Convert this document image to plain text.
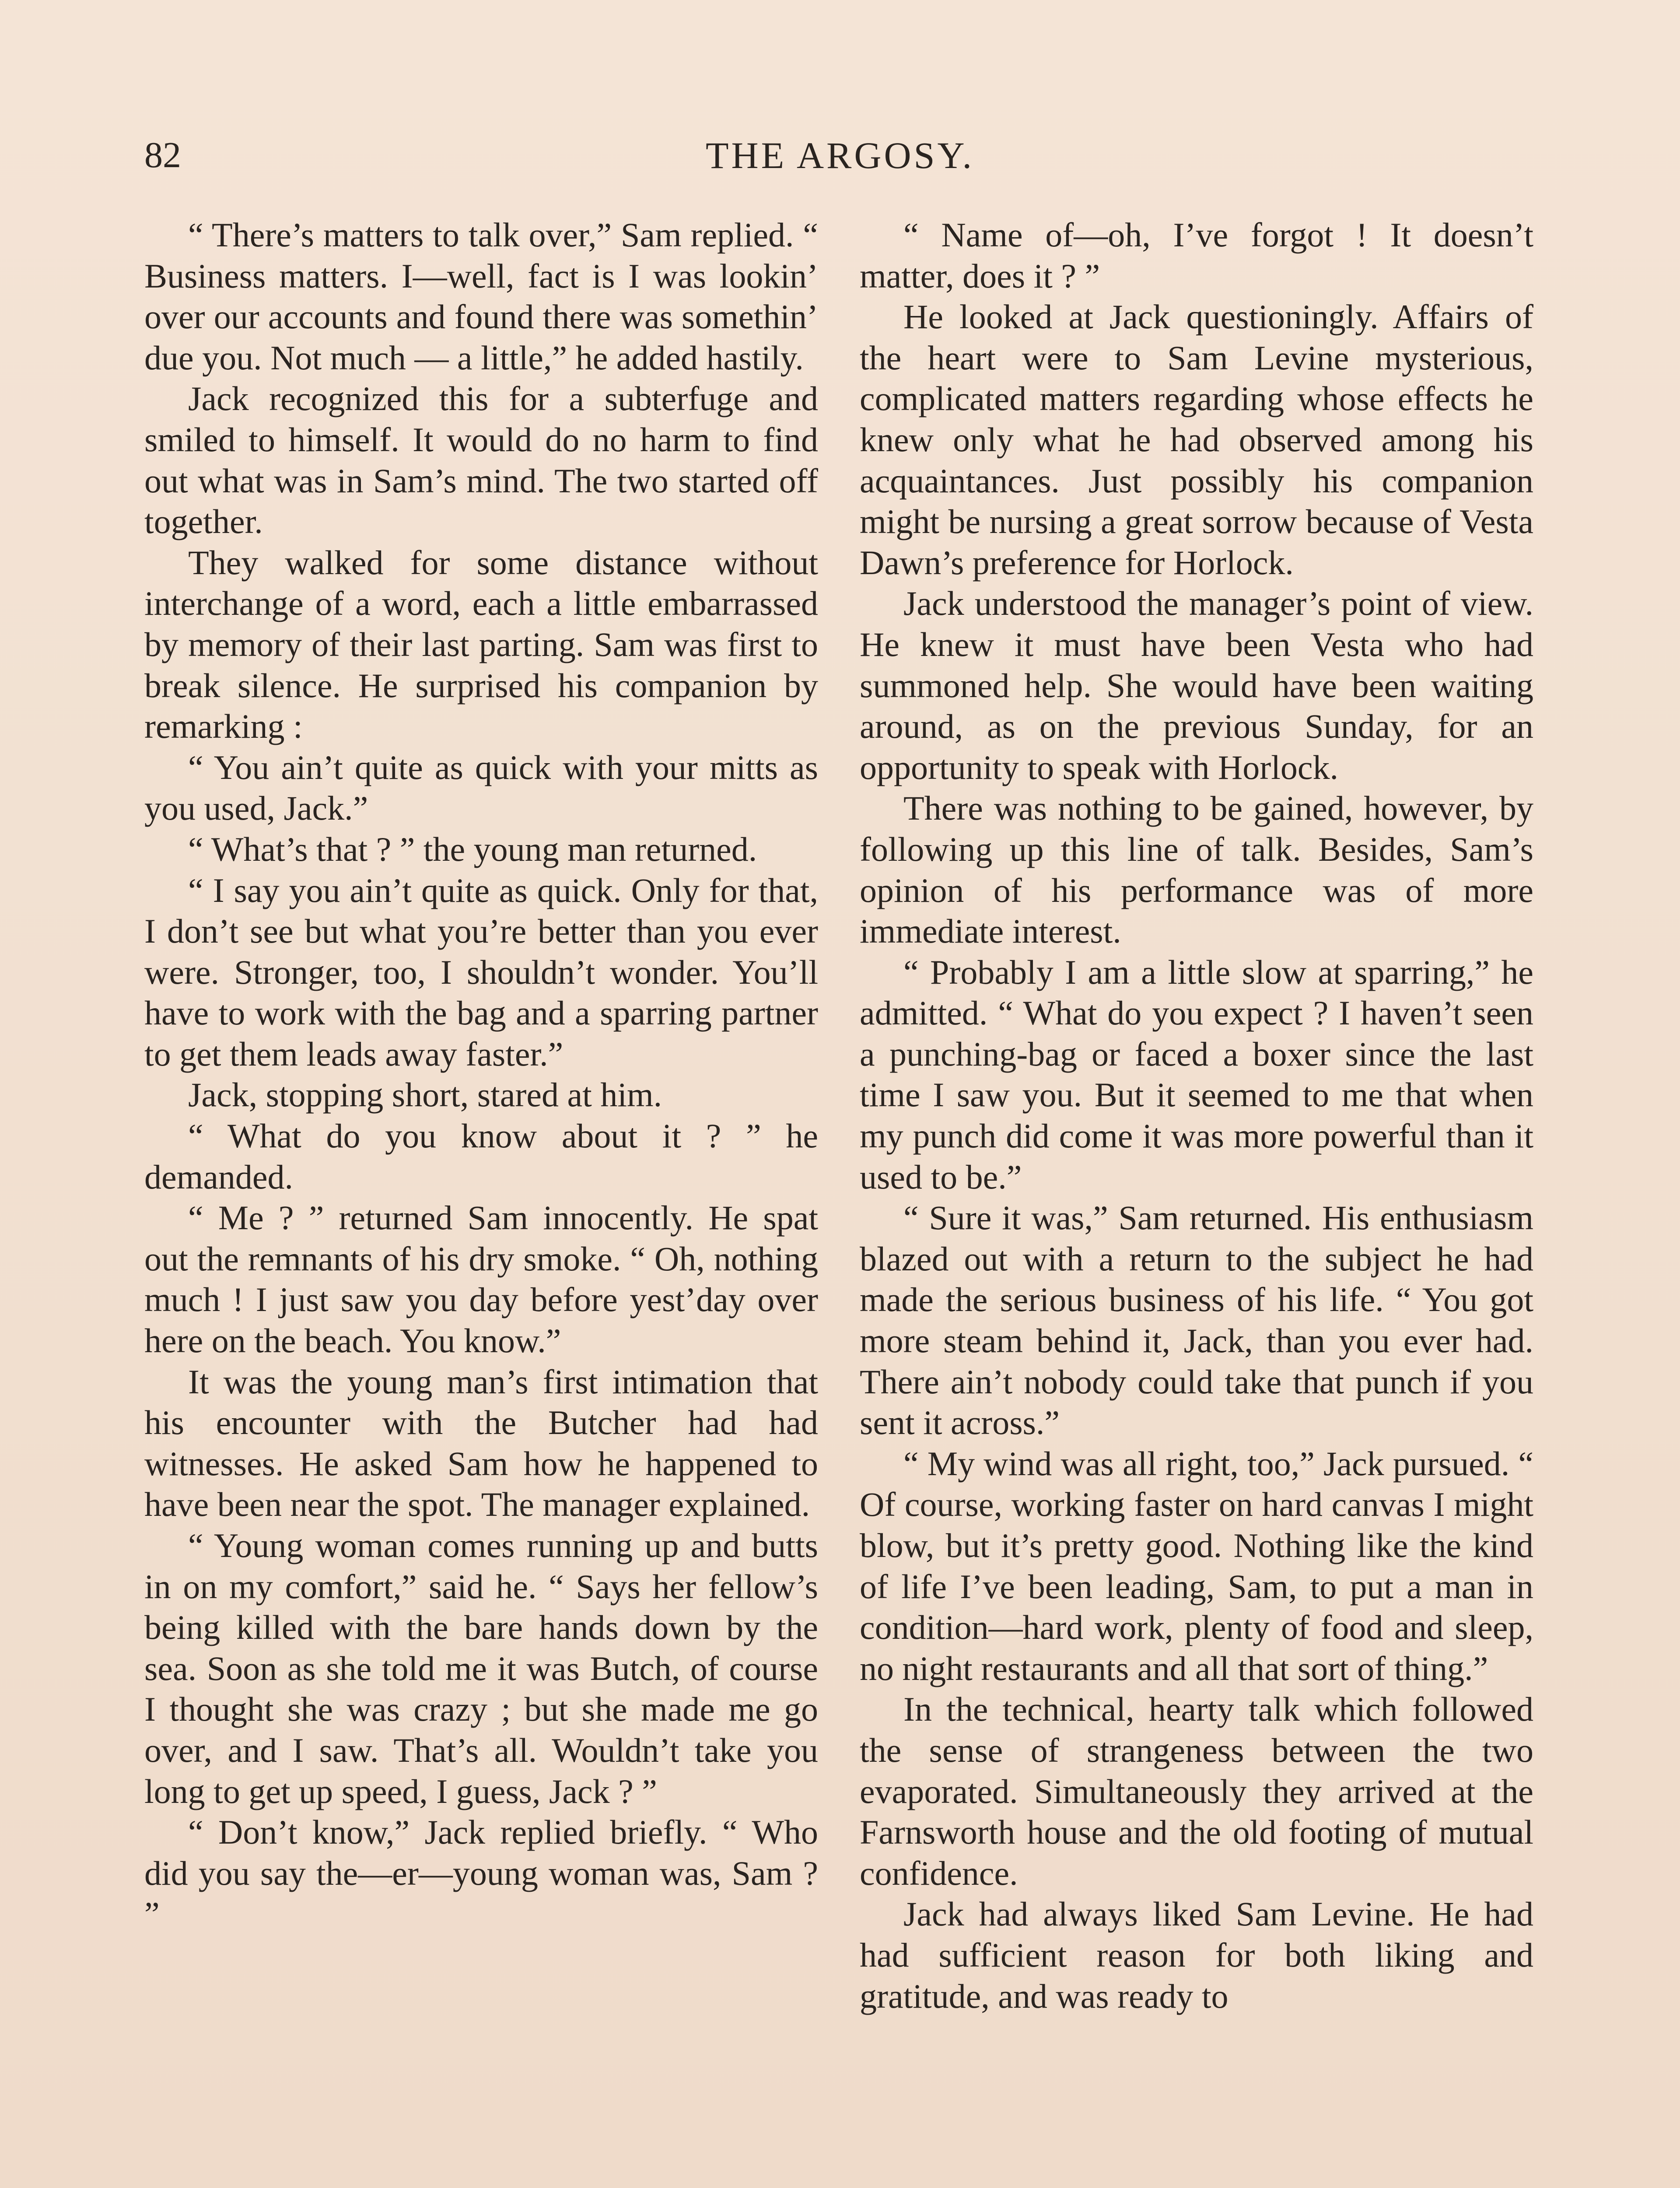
82	THE ARGOSY.

“ There’s matters to talk over,” Sam replied. “ Business matters. I—well, fact is I was lookin’ over our accounts and found there was somethin’ due you. Not much — a little,” he added hastily.

Jack recognized this for a subterfuge and smiled to himself. It would do no harm to find out what was in Sam’s mind. The two started off together.

They walked for some distance without interchange of a word, each a little embarrassed by memory of their last parting. Sam was first to break silence. He surprised his companion by remarking :

“ You ain’t quite as quick with your mitts as you used, Jack.”

“ What’s that ? ” the young man returned.

“ I say you ain’t quite as quick. Only for that, I don’t see but what you’re better than you ever were. Stronger, too, I shouldn’t wonder. You’ll have to work with the bag and a sparring partner to get them leads away faster.”

Jack, stopping short, stared at him.

“ What do you know about it ? ” he demanded.

“ Me ? ” returned Sam innocently. He spat out the remnants of his dry smoke. “ Oh, nothing much ! I just saw you day before yest’day over here on the beach. You know.”

It was the young man’s first intimation that his encounter with the Butcher had had witnesses. He asked Sam how he happened to have been near the spot. The manager explained.

“ Young woman comes running up and butts in on my comfort,” said he. “ Says her fellow’s being killed with the bare hands down by the sea. Soon as she told me it was Butch, of course I thought she was crazy ; but she made me go over, and I saw. That’s all. Wouldn’t take you long to get up speed, I guess, Jack ? ”

“ Don’t know,” Jack replied briefly. “ Who did you say the—er—young woman was, Sam ? ”

“ Name of—oh, I’ve forgot ! It doesn’t matter, does it ? ”

He looked at Jack questioningly. Affairs of the heart were to Sam Levine mysterious, complicated matters regarding whose effects he knew only what he had observed among his acquaintances. Just possibly his companion might be nursing a great sorrow because of Vesta Dawn’s preference for Horlock.

Jack understood the manager’s point of view. He knew it must have been Vesta who had summoned help. She would have been waiting around, as on the previous Sunday, for an opportunity to speak with Horlock.

There was nothing to be gained, however, by following up this line of talk. Besides, Sam’s opinion of his performance was of more immediate interest.

“ Probably I am a little slow at sparring,” he admitted. “ What do you expect ? I haven’t seen a punching-bag or faced a boxer since the last time I saw you. But it seemed to me that when my punch did come it was more powerful than it used to be.”

“ Sure it was,” Sam returned. His enthusiasm blazed out with a return to the subject he had made the serious business of his life. “ You got more steam behind it, Jack, than you ever had. There ain’t nobody could take that punch if you sent it across.”

“ My wind was all right, too,” Jack pursued. “ Of course, working faster on hard canvas I might blow, but it’s pretty good. Nothing like the kind of life I’ve been leading, Sam, to put a man in condition—hard work, plenty of food and sleep, no night restaurants and all that sort of thing.”

In the technical, hearty talk which followed the sense of strangeness between the two evaporated. Simultaneously they arrived at the Farnsworth house and the old footing of mutual confidence.

Jack had always liked Sam Levine. He had had sufficient reason for both liking and gratitude, and was ready to
